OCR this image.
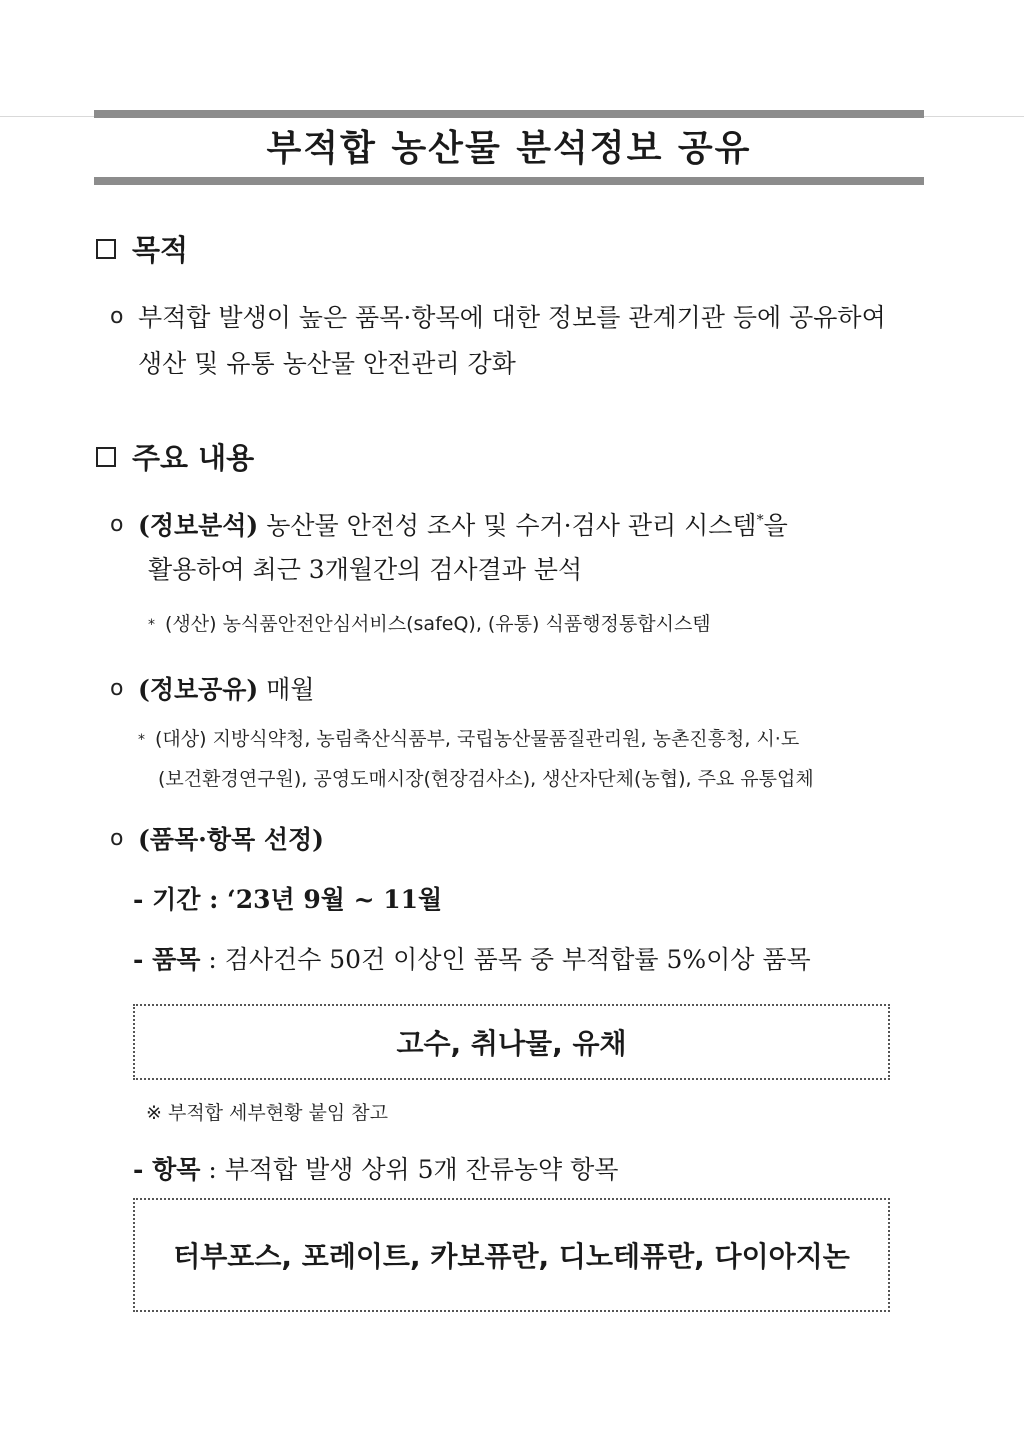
부적합 농산물 분석정보 공유
목적
o 부적합 발생이 높은 품목·항목에 대한 정보를 관계기관 등에 공유하여
생산 및 유통 농산물 안전관리 강화
주요 내용
o (정보분석) 농산물 안전성 조사 및 수거·검사 관리 시스템*을
활용하여 최근 3개월간의 검사결과 분석
* (생산) 농식품안전안심서비스(safeQ), (유통) 식품행정통합시스템
o (정보공유) 매월
* (대상) 지방식약청, 농림축산식품부, 국립농산물품질관리원, 농촌진흥청, 시·도
(보건환경연구원), 공영도매시장(현장검사소), 생산자단체(농협), 주요 유통업체
o (품목·항목 선정)
- 기간 : ‘23년 9월 ~ 11월
- 품목 : 검사건수 50건 이상인 품목 중 부적합률 5%이상 품목
고수, 취나물, 유채
※ 부적합 세부현황 붙임 참고
- 항목 : 부적합 발생 상위 5개 잔류농약 항목
터부포스, 포레이트, 카보퓨란, 디노테퓨란, 다이아지논
